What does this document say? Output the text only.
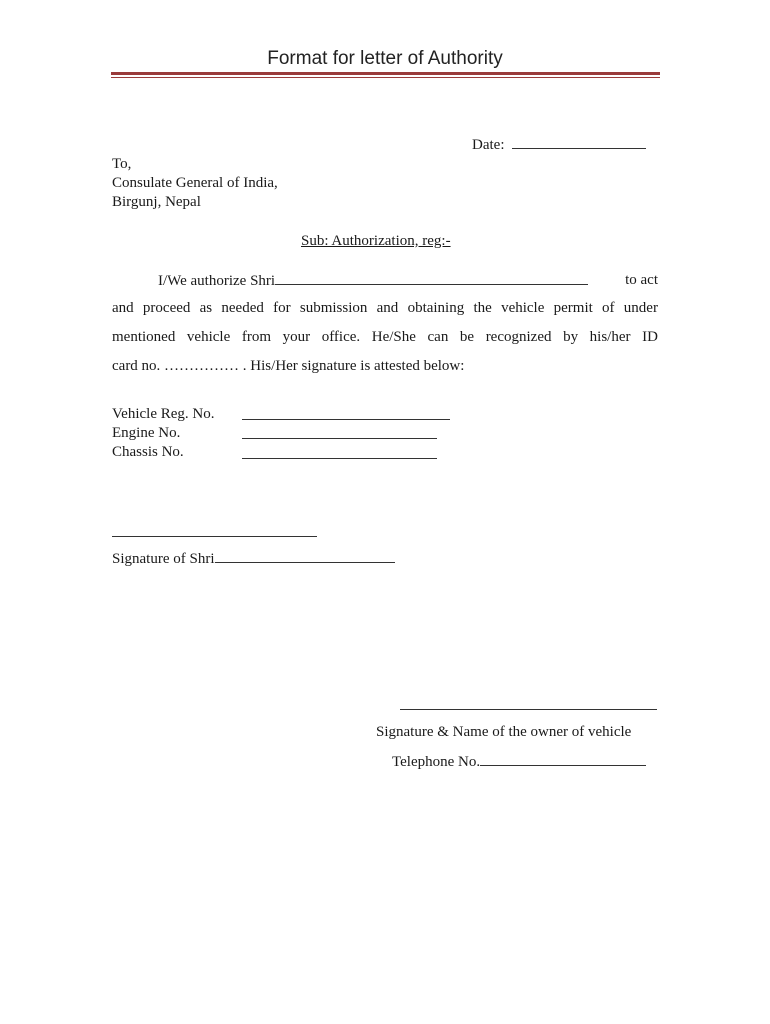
Format for letter of Authority
Date:
To,
Consulate General of India,
Birgunj, Nepal
Sub: Authorization, reg:-
I/We authorize Shri	to act
and proceed as needed for submission and obtaining the vehicle permit of under
mentioned vehicle from your office. He/She can be recognized by his/her ID
card no. …………… . His/Her signature is attested below:
Vehicle Reg. No.
Engine No.
Chassis No.
Signature of Shri
Signature & Name of the owner of vehicle
Telephone No.
